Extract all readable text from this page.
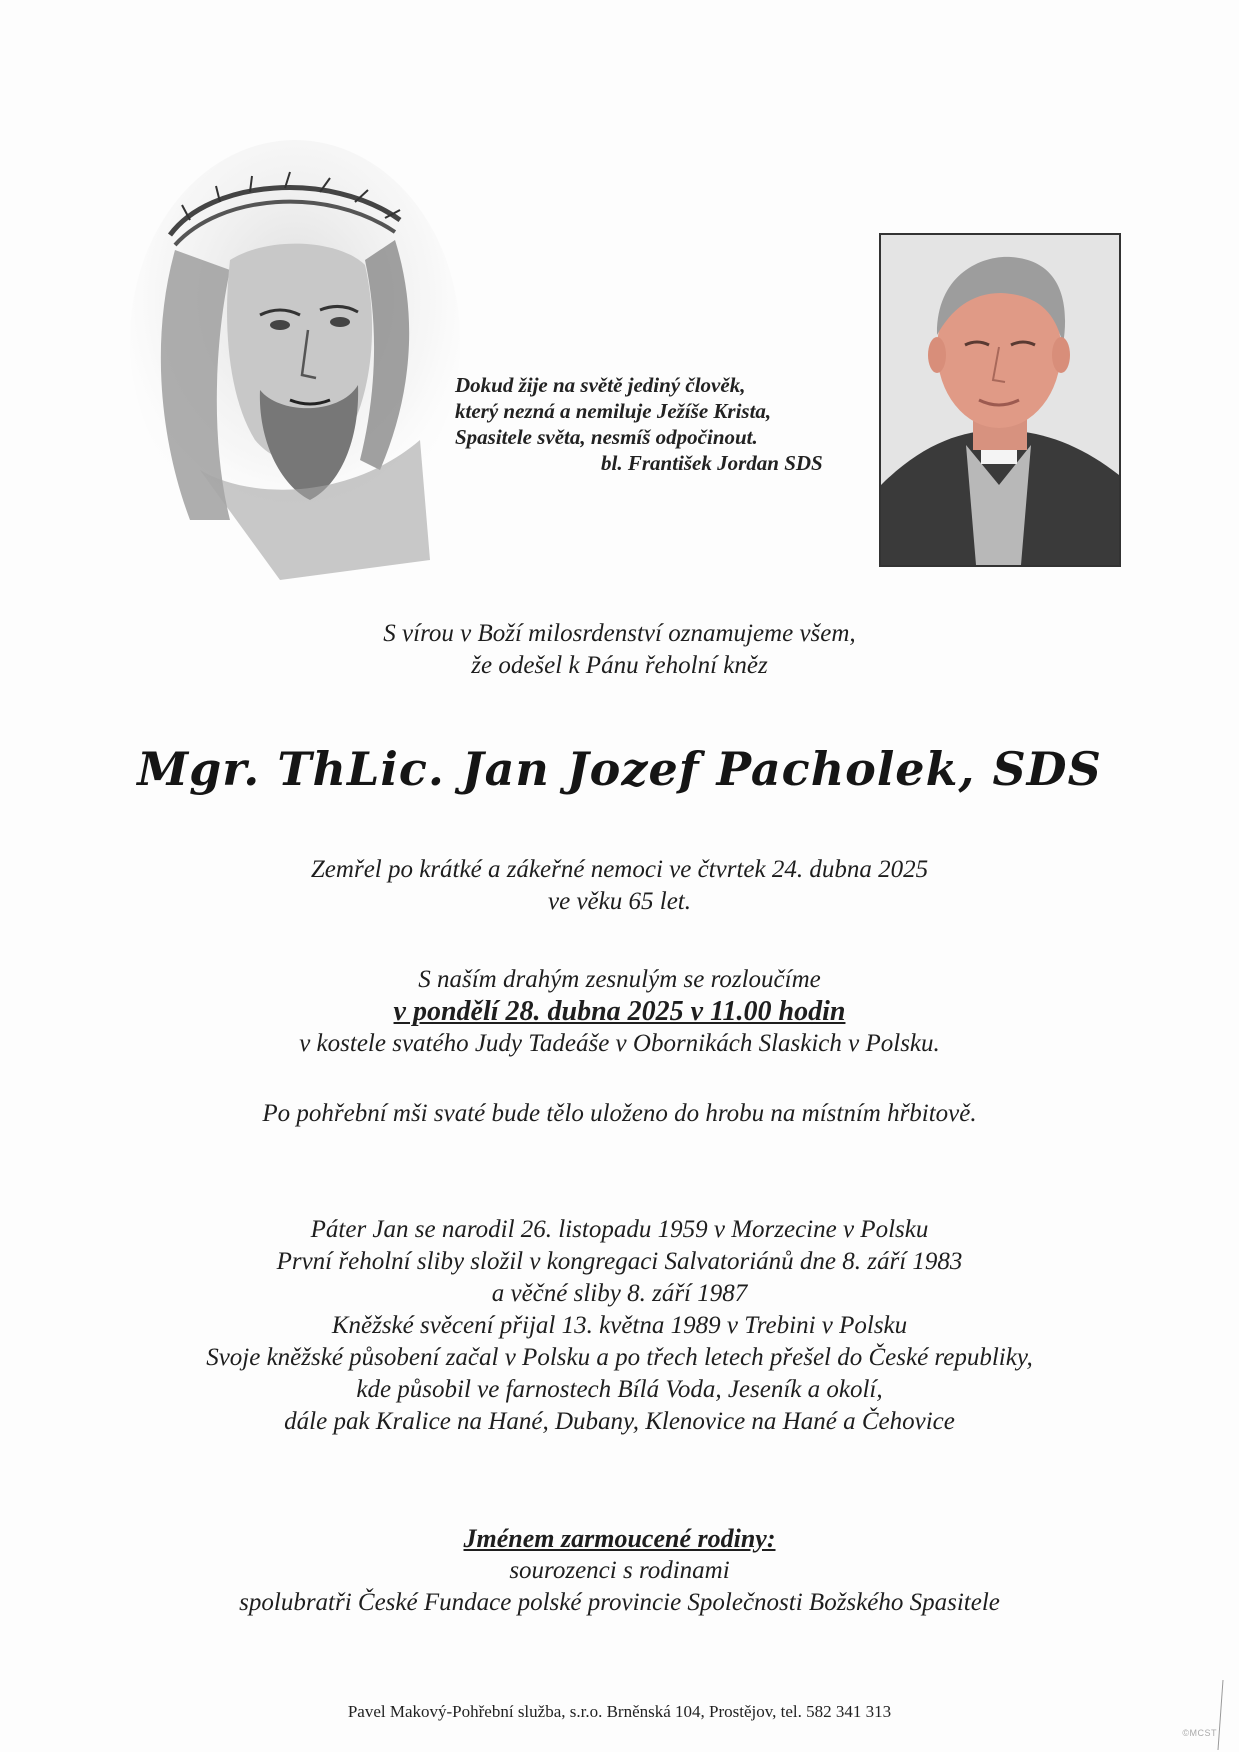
Dokud žije na světě jediný člověk,
který nezná a nemiluje Ježíše Krista,
Spasitele světa, nesmíš odpočinout.
bl. František Jordan SDS
S vírou v Boží milosrdenství oznamujeme všem,
že odešel k Pánu řeholní kněz
Mgr. ThLic. Jan Jozef Pacholek, SDS
Zemřel po krátké a zákeřné nemoci ve čtvrtek 24. dubna 2025
ve věku 65 let.
S naším drahým zesnulým se rozloučíme
v pondělí 28. dubna 2025 v 11.00 hodin
v kostele svatého Judy Tadeáše v Obornikách Slaskich v Polsku.
Po pohřební mši svaté bude tělo uloženo do hrobu na místním hřbitově.
Páter Jan se narodil 26. listopadu 1959 v Morzecine v Polsku
První řeholní sliby složil v kongregaci Salvatoriánů dne 8. září 1983
a věčné sliby 8. září 1987
Kněžské svěcení přijal 13. května 1989 v Trebini v Polsku
Svoje kněžské působení začal v Polsku a po třech letech přešel do České republiky,
kde působil ve farnostech Bílá Voda, Jeseník a okolí,
dále pak Kralice na Hané, Dubany, Klenovice na Hané a Čehovice
Jménem zarmoucené rodiny:
sourozenci s rodinami
spolubratři České Fundace polské provincie Společnosti Božského Spasitele
Pavel Makový-Pohřební služba, s.r.o. Brněnská 104, Prostějov, tel. 582 341 313
©MCST
